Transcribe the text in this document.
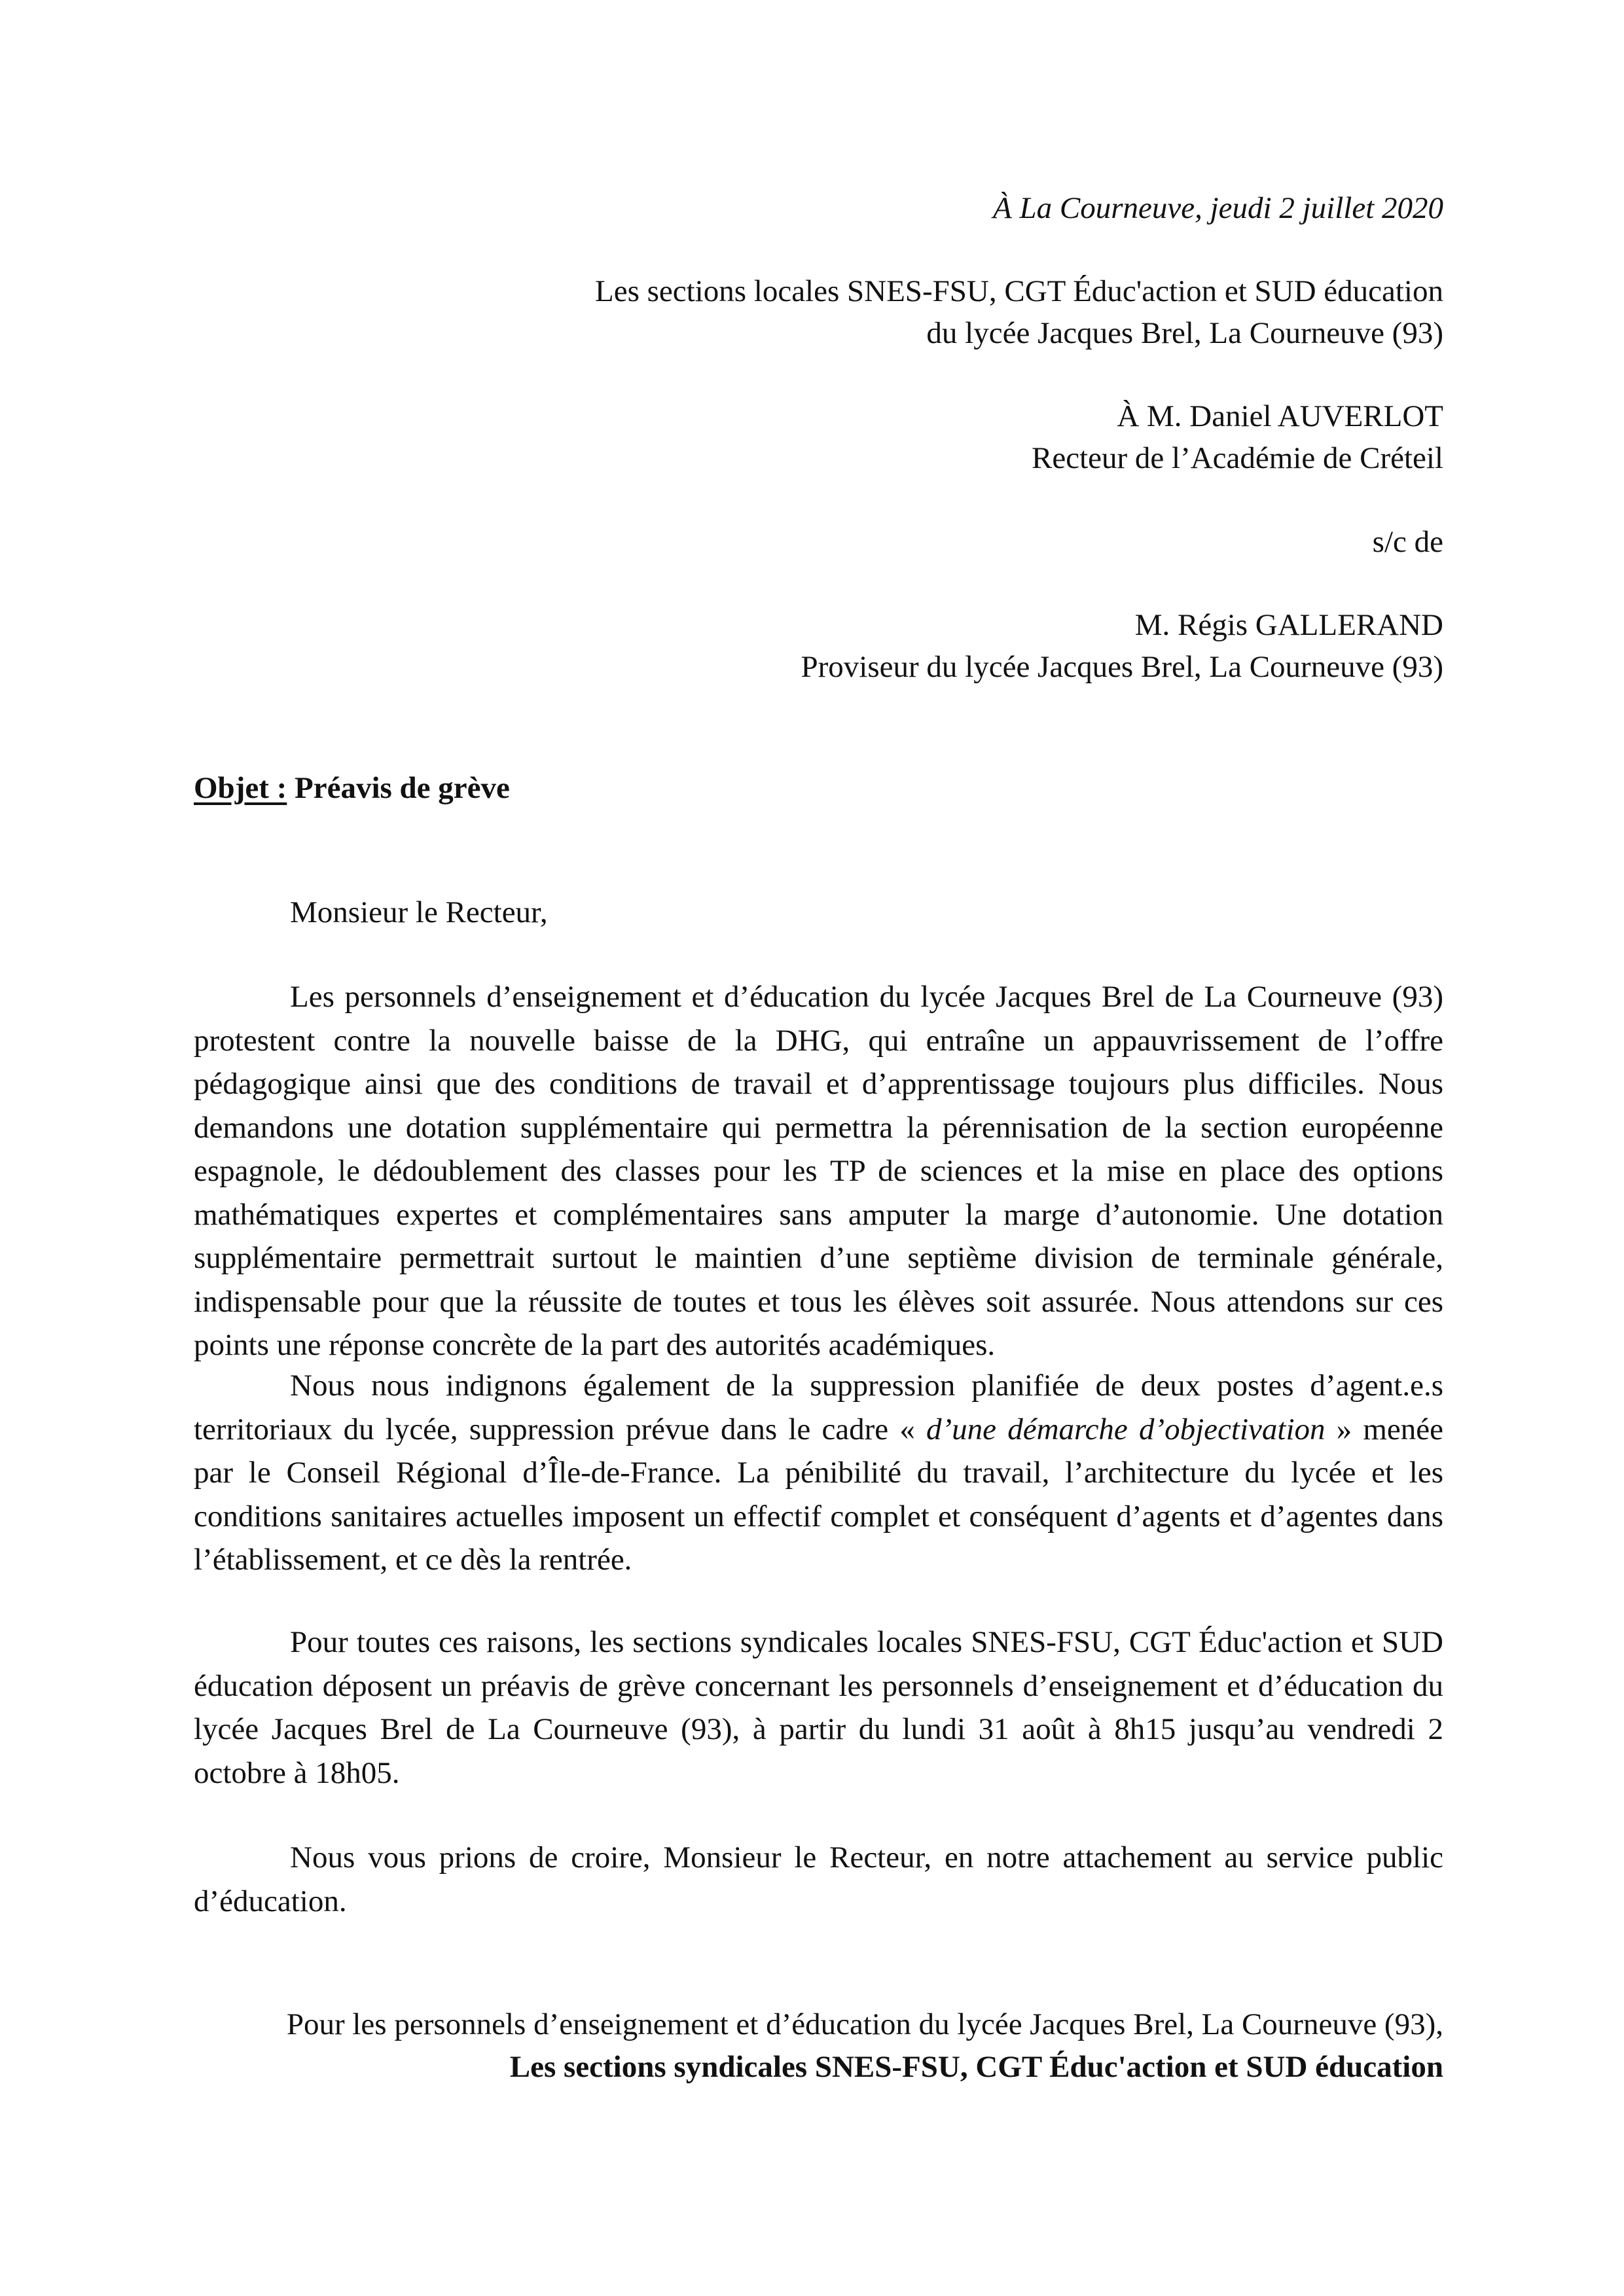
À La Courneuve, jeudi 2 juillet 2020
Les sections locales SNES-FSU, CGT Éduc'action et SUD éducation
du lycée Jacques Brel, La Courneuve (93)
À M. Daniel AUVERLOT
Recteur de l’Académie de Créteil
s/c de
M. Régis GALLERAND
Proviseur du lycée Jacques Brel, La Courneuve (93)
Objet : Préavis de grève
Monsieur le Recteur,

Les personnels d’enseignement et d’éducation du lycée Jacques Brel de La Courneuve (93) protestent contre la nouvelle baisse de la DHG, qui entraîne un appauvrissement de l’offre pédagogique ainsi que des conditions de travail et d’apprentissage toujours plus difficiles. Nous demandons une dotation supplémentaire qui permettra la pérennisation de la section européenne espagnole, le dédoublement des classes pour les TP de sciences et la mise en place des options mathématiques expertes et complémentaires sans amputer la marge d’autonomie. Une dotation supplémentaire permettrait surtout le maintien d’une septième division de terminale générale, indispensable pour que la réussite de toutes et tous les élèves soit assurée. Nous attendons sur ces points une réponse concrète de la part des autorités académiques.

Nous nous indignons également de la suppression planifiée de deux postes d’agent.e.s territoriaux du lycée, suppression prévue dans le cadre « d’une démarche d’objectivation » menée par le Conseil Régional d’Île-de-France. La pénibilité du travail, l’architecture du lycée et les conditions sanitaires actuelles imposent un effectif complet et conséquent d’agents et d’agentes dans l’établissement, et ce dès la rentrée.

Pour toutes ces raisons, les sections syndicales locales SNES-FSU, CGT Éduc'action et SUD éducation déposent un préavis de grève concernant les personnels d’enseignement et d’éducation du lycée Jacques Brel de La Courneuve (93), à partir du lundi 31 août à 8h15 jusqu’au vendredi 2 octobre à 18h05.

Nous vous prions de croire, Monsieur le Recteur, en notre attachement au service public d’éducation.

Pour les personnels d’enseignement et d’éducation du lycée Jacques Brel, La Courneuve (93),
Les sections syndicales SNES-FSU, CGT Éduc'action et SUD éducation
